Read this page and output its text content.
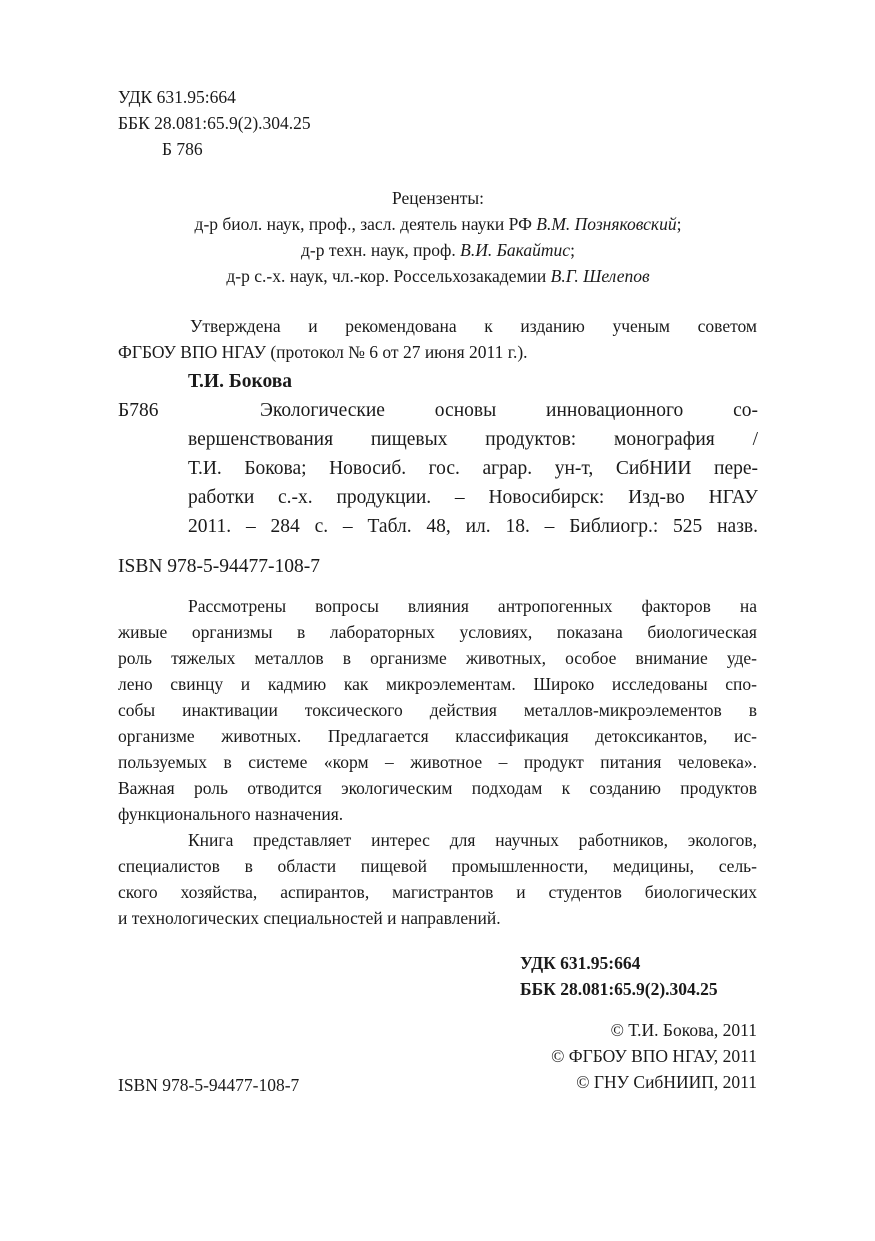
УДК 631.95:664
ББК 28.081:65.9(2).304.25
Б 786
Рецензенты:
д-р биол. наук, проф., засл. деятель науки РФ В.М. Позняковский;
д-р техн. наук, проф. В.И. Бакайтис;
д-р с.-х. наук, чл.-кор. Россельхозакадемии В.Г. Шелепов
Утверждена и рекомендована к изданию ученым советом
ФГБОУ ВПО НГАУ (протокол № 6 от 27 июня 2011 г.).
Т.И. Бокова
Б786	Экологические основы инновационного со-
вершенствования пищевых продуктов: монография /
Т.И. Бокова; Новосиб. гос. аграр. ун-т, СибНИИ пере-
работки с.-х. продукции. – Новосибирск: Изд-во НГАУ
2011. – 284 с. – Табл. 48, ил. 18. – Библиогр.: 525 назв.
ISBN 978-5-94477-108-7
Рассмотрены вопросы влияния антропогенных факторов на
живые организмы в лабораторных условиях, показана биологическая
роль тяжелых металлов в организме животных, особое внимание уде-
лено свинцу и кадмию как микроэлементам. Широко исследованы спо-
собы инактивации токсического действия металлов-микроэлементов в
организме животных. Предлагается классификация детоксикантов, ис-
пользуемых в системе «корм – животное – продукт питания человека».
Важная роль отводится экологическим подходам к созданию продуктов
функционального назначения.
Книга представляет интерес для научных работников, экологов,
специалистов в области пищевой промышленности, медицины, сель-
ского хозяйства, аспирантов, магистрантов и студентов биологических
и технологических специальностей и направлений.
УДК 631.95:664
ББК 28.081:65.9(2).304.25
© Т.И. Бокова, 2011
© ФГБОУ ВПО НГАУ, 2011
© ГНУ СибНИИП, 2011
ISBN 978-5-94477-108-7
